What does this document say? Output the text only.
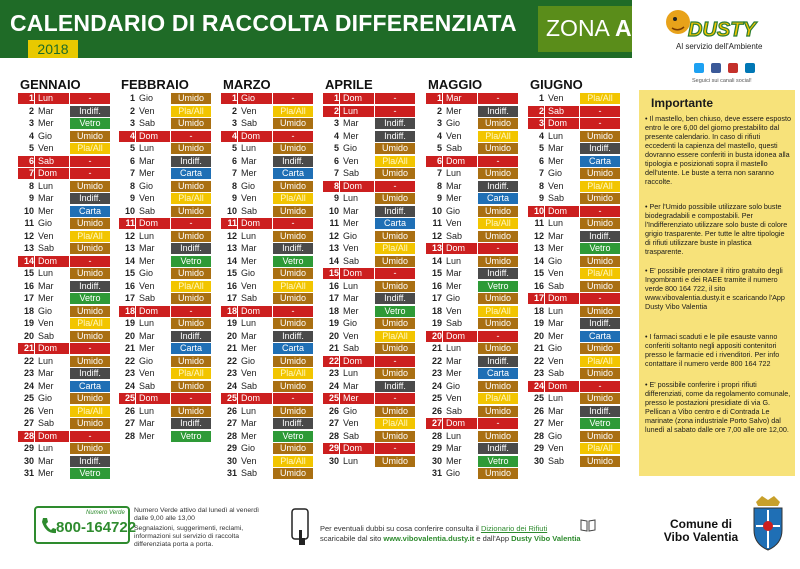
CALENDARIO DI RACCOLTA DIFFERENZIATA ZONA A
2018
DUSTY
Al servizio dell'Ambiente
Seguici sui canali social!
GENNAIO
1 Lun	-
2 Mar	Indiff.
3 Mer	Vetro
4 Gio	Umido
5 Ven	Pla/All
6 Sab	-
7 Dom	-
8 Lun	Umido
9 Mar	Indiff.
10 Mer	Carta
11 Gio	Umido
12 Ven	Pla/All
13 Sab	Umido
14 Dom	-
15 Lun	Umido
16 Mar	Indiff.
17 Mer	Vetro
18 Gio	Umido
19 Ven	Pla/All
20 Sab	Umido
21 Dom	-
22 Lun	Umido
23 Mar	Indiff.
24 Mer	Carta
25 Gio	Umido
26 Ven	Pla/All
27 Sab	Umido
28 Dom	-
29 Lun	Umido
30 Mar	Indiff.
31 Mer	Vetro
FEBBRAIO
1 Gio	Umido
2 Ven	Pla/All
3 Sab	Umido
4 Dom	-
5 Lun	Umido
6 Mar	Indiff.
7 Mer	Carta
8 Gio	Umido
9 Ven	Pla/All
10 Sab	Umido
11 Dom	-
12 Lun	Umido
13 Mar	Indiff.
14 Mer	Vetro
15 Gio	Umido
16 Ven	Pla/All
17 Sab	Umido
18 Dom	-
19 Lun	Umido
20 Mar	Indiff.
21 Mer	Carta
22 Gio	Umido
23 Ven	Pla/All
24 Sab	Umido
25 Dom	-
26 Lun	Umido
27 Mar	Indiff.
28 Mer	Vetro
MARZO
1 Gio	-
2 Ven	Pla/All
3 Sab	Umido
4 Dom	-
5 Lun	Umido
6 Mar	Indiff.
7 Mer	Carta
8 Gio	Umido
9 Ven	Pla/All
10 Sab	Umido
11 Dom	-
12 Lun	Umido
13 Mar	Indiff.
14 Mer	Vetro
15 Gio	Umido
16 Ven	Pla/All
17 Sab	Umido
18 Dom	-
19 Lun	Umido
20 Mar	Indiff.
21 Mer	Carta
22 Gio	Umido
23 Ven	Pla/All
24 Sab	Umido
25 Dom	-
26 Lun	Umido
27 Mar	Indiff.
28 Mer	Vetro
29 Gio	Umido
30 Ven	Pla/All
31 Sab	Umido
APRILE
1 Dom	-
2 Lun	-
3 Mar	Indiff.
4 Mer	Indiff.
5 Gio	Umido
6 Ven	Pla/All
7 Sab	Umido
8 Dom	-
9 Lun	Umido
10 Mar	Indiff.
11 Mer	Carta
12 Gio	Umido
13 Ven	Pla/All
14 Sab	Umido
15 Dom	-
16 Lun	Umido
17 Mar	Indiff.
18 Mer	Vetro
19 Gio	Umido
20 Ven	Pla/All
21 Sab	Umido
22 Dom	-
23 Lun	Umido
24 Mar	Indiff.
25 Mer	-
26 Gio	Umido
27 Ven	Pla/All
28 Sab	Umido
29 Dom	-
30 Lun	Umido
MAGGIO
1 Mar	-
2 Mer	Indiff.
3 Gio	Umido
4 Ven	Pla/All
5 Sab	Umido
6 Dom	-
7 Lun	Umido
8 Mar	Indiff.
9 Mer	Carta
10 Gio	Umido
11 Ven	Pla/All
12 Sab	Umido
13 Dom	-
14 Lun	Umido
15 Mar	Indiff.
16 Mer	Vetro
17 Gio	Umido
18 Ven	Pla/All
19 Sab	Umido
20 Dom	-
21 Lun	Umido
22 Mar	Indiff.
23 Mer	Carta
24 Gio	Umido
25 Ven	Pla/All
26 Sab	Umido
27 Dom	-
28 Lun	Umido
29 Mar	Indiff.
30 Mer	Vetro
31 Gio	Umido
GIUGNO
1 Ven	Pla/All
2 Sab	-
3 Dom	-
4 Lun	Umido
5 Mar	Indiff.
6 Mer	Carta
7 Gio	Umido
8 Ven	Pla/All
9 Sab	Umido
10 Dom	-
11 Lun	Umido
12 Mar	Indiff.
13 Mer	Vetro
14 Gio	Umido
15 Ven	Pla/All
16 Sab	Umido
17 Dom	-
18 Lun	Umido
19 Mar	Indiff.
20 Mer	Carta
21 Gio	Umido
22 Ven	Pla/All
23 Sab	Umido
24 Dom	-
25 Lun	Umido
26 Mar	Indiff.
27 Mer	Vetro
28 Gio	Umido
29 Ven	Pla/All
30 Sab	Umido
Importante
• Il mastello, ben chiuso, deve essere esposto entro le ore 6,00 del giorno prestabilito dal presente calendario. In caso di rifiuti eccedenti la capienza del mastello, questi dovranno essere conferiti in busta idonea alla tipologia e posizionati sopra il mastello dell'utente. Le buste a terra non saranno raccolte.
• Per l'Umido possibile utilizzare solo buste biodegradabili e compostabili. Per l'Indifferenziato utilizzare solo buste di colore grigio trasparente. Per tutte le altre tipologie di rifiuti utilizzare buste in plastica trasparente.
• E' possibile prenotare il ritiro gratuito degli Ingombranti e dei RAEE tramite il numero verde 800 164 722, il sito www.vibovalentia.dusty.it e scaricando l'App Dusty Vibo Valentia
• I farmaci scaduti e le pile esauste vanno conferiti soltanto negli appositi contenitori presso le farmacie ed i rivenditori. Per info contattare il numero verde 800 164 722
• E' possibile conferire i propri rifiuti differenziati, come da regolamento comunale, presso le postazioni presidiate di via G. Pellican a Vibo centro e di Contrada Le marinate (zona industriale Porto Salvo) dal lunedì al sabato dalle ore 7,00 alle ore 12,00.
Numero Verde
800-164722
Numero Verde attivo dal lunedì al venerdì dalle 9,00 alle 13,00
Segnalazioni, suggerimenti, reclami, informazioni sul servizio di raccolta differenziata porta a porta.

Per eventuali dubbi su cosa conferire consulta il Dizionario dei Rifiuti

scaricabile dal sito www.vibovalentia.dusty.it e dall'App Dusty Vibo Valentia

Comune di
Vibo Valentia
